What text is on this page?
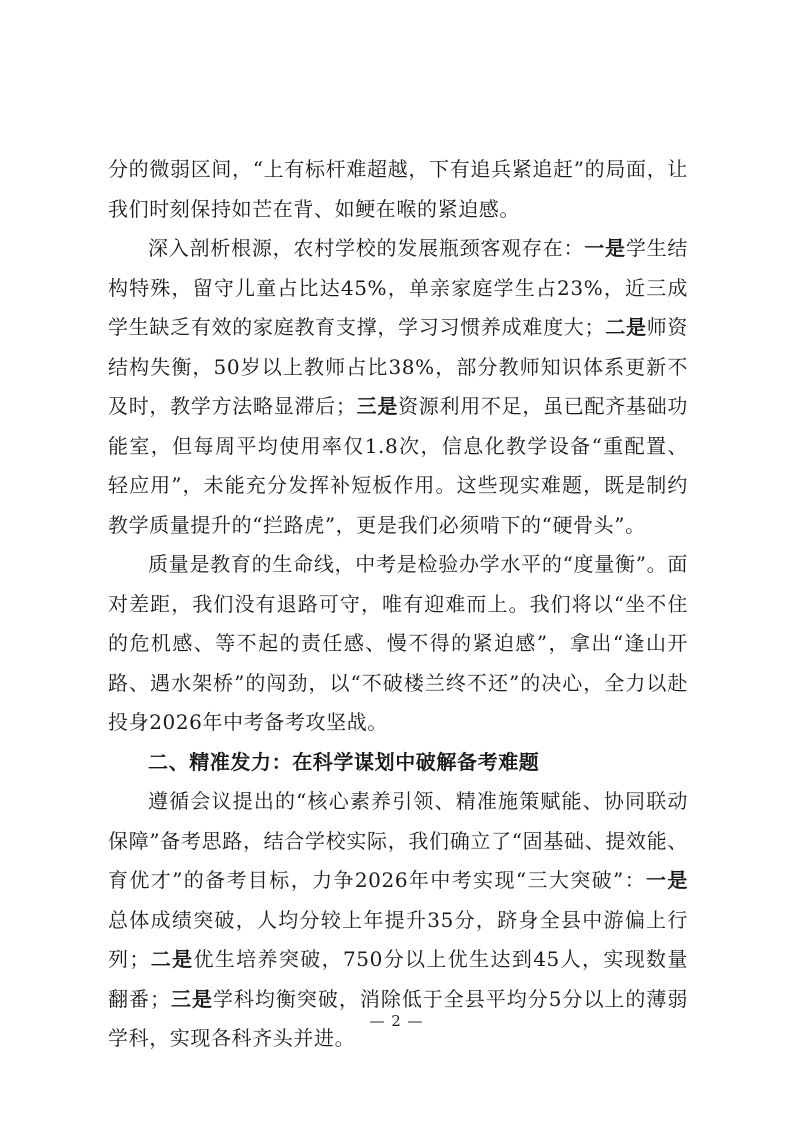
分的微弱区间，“上有标杆难超越，下有追兵紧追赶”的局面，让我们时刻保持如芒在背、如鲠在喉的紧迫感。

深入剖析根源，农村学校的发展瓶颈客观存在：一是学生结构特殊，留守儿童占比达45%，单亲家庭学生占23%，近三成学生缺乏有效的家庭教育支撑，学习习惯养成难度大；二是师资结构失衡，50岁以上教师占比38%，部分教师知识体系更新不及时，教学方法略显滞后；三是资源利用不足，虽已配齐基础功能室，但每周平均使用率仅1.8次，信息化教学设备“重配置、轻应用”，未能充分发挥补短板作用。这些现实难题，既是制约教学质量提升的“拦路虎”，更是我们必须啃下的“硬骨头”。

质量是教育的生命线，中考是检验办学水平的“度量衡”。面对差距，我们没有退路可守，唯有迎难而上。我们将以“坐不住的危机感、等不起的责任感、慢不得的紧迫感”，拿出“逢山开路、遇水架桥”的闯劲，以“不破楼兰终不还”的决心，全力以赴投身2026年中考备考攻坚战。

二、精准发力：在科学谋划中破解备考难题

遵循会议提出的“核心素养引领、精准施策赋能、协同联动保障”备考思路，结合学校实际，我们确立了“固基础、提效能、育优才”的备考目标，力争2026年中考实现“三大突破”：一是总体成绩突破，人均分较上年提升35分，跻身全县中游偏上行列；二是优生培养突破，750分以上优生达到45人，实现数量翻番；三是学科均衡突破，消除低于全县平均分5分以上的薄弱学科，实现各科齐头并进。

— 2 —
